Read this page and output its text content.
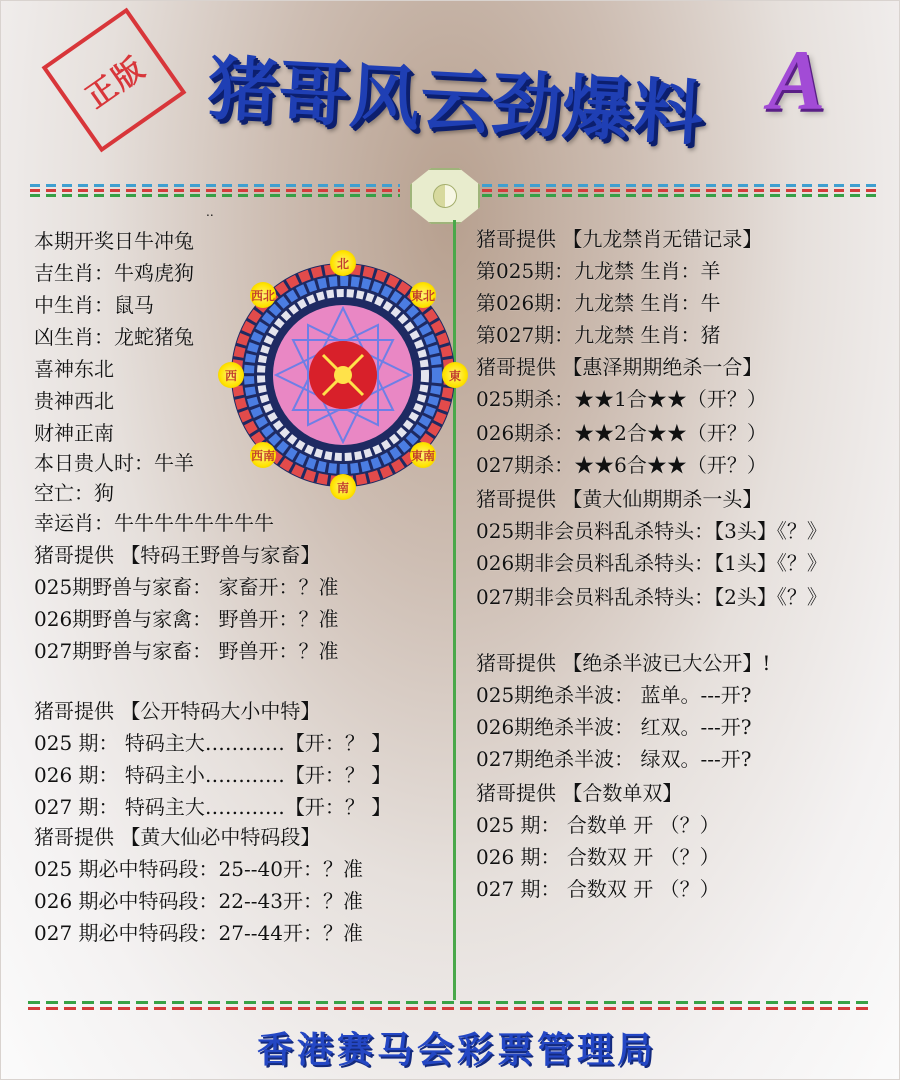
正版 猪哥风云劲爆料 A
..
北
東北
東
東南
南
西南
西
西北
本期开奖日牛冲兔
吉生肖：牛鸡虎狗
中生肖：鼠马
凶生肖：龙蛇猪兔
喜神东北
贵神西北
财神正南
本日贵人时：牛羊
空亡：狗
幸运肖：牛牛牛牛牛牛牛牛
猪哥提供 【特码王野兽与家畜】
025期野兽与家畜： 家畜开：？准
026期野兽与家禽： 野兽开：？准
027期野兽与家畜： 野兽开：？准
猪哥提供 【公开特码大小中特】
025 期： 特码主大…………【开：？ 】
026 期： 特码主小…………【开：？ 】
027 期： 特码主大…………【开：？ 】
猪哥提供 【黄大仙必中特码段】
025 期必中特码段：25--40开：？准
026 期必中特码段：22--43开：？准
027 期必中特码段：27--44开：？准
猪哥提供 【九龙禁肖无错记录】
第025期：九龙禁 生肖：羊
第026期：九龙禁 生肖：牛
第027期：九龙禁 生肖：猪
猪哥提供 【惠泽期期绝杀一合】
025期杀：★★1合★★（开？）
026期杀：★★2合★★（开？）
027期杀：★★6合★★（开？）
猪哥提供 【黄大仙期期杀一头】
025期非会员料乱杀特头：【3头】《？》
026期非会员料乱杀特头：【1头】《？》
027期非会员料乱杀特头：【2头】《？》
猪哥提供 【绝杀半波已大公开】!
025期绝杀半波： 蓝单。---开?
026期绝杀半波： 红双。---开?
027期绝杀半波： 绿双。---开?
猪哥提供 【合数单双】
025 期： 合数单 开 （？）
026 期： 合数双 开 （？）
027 期： 合数双 开 （？）
香港赛马会彩票管理局
